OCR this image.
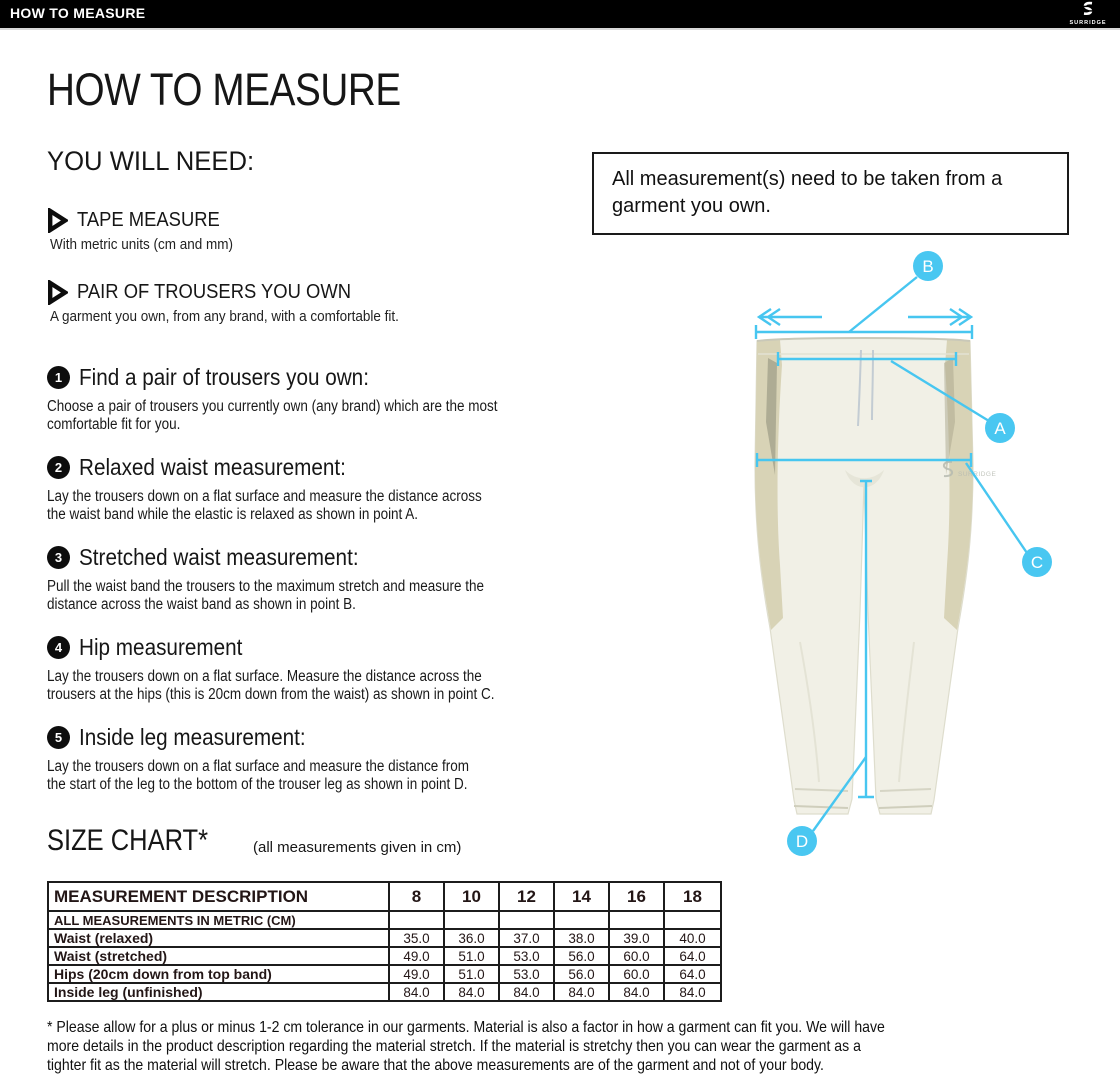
HOW TO MEASURE
SURRIDGE
HOW TO MEASURE
All measurement(s) need to be taken from a
garment you own.
YOU WILL NEED:
TAPE MEASURE
With metric units (cm and mm)
PAIR OF TROUSERS YOU OWN
A garment you own, from any brand, with a comfortable fit.
1 Find a pair of trousers you own:
Choose a pair of trousers you currently own (any brand) which are the most
comfortable fit for you.
2 Relaxed waist measurement:
Lay the trousers down on a flat surface and measure the distance across
the waist band while the elastic is relaxed as shown in point A.
3 Stretched waist measurement:
Pull the waist band the trousers to the maximum stretch and measure the
distance across the waist band as shown in point B.
4 Hip measurement
Lay the trousers down on a flat surface. Measure the distance across the
trousers at the hips (this is 20cm down from the waist) as shown in point C.
5 Inside leg measurement:
Lay the trousers down on a flat surface and measure the distance from
the start of the leg to the bottom of the trouser leg as shown in point D.
SIZE CHART*	(all measurements given in cm)
MEASUREMENT DESCRIPTION	8	10	12	14	16	18
ALL MEASUREMENTS IN METRIC (CM)						
Waist (relaxed)	35.0	36.0	37.0	38.0	39.0	40.0
Waist (stretched)	49.0	51.0	53.0	56.0	60.0	64.0
Hips (20cm down from top band)	49.0	51.0	53.0	56.0	60.0	64.0
Inside leg (unfinished)	84.0	84.0	84.0	84.0	84.0	84.0
* Please allow for a plus or minus 1-2 cm tolerance in our garments. Material is also a factor in how a garment can fit you. We will have
more details in the product description regarding the material stretch. If the material is stretchy then you can wear the garment as a
tighter fit as the material will stretch. Please be aware that the above measurements are of the garment and not of your body.
SURRIDGE
B
A
C
D
